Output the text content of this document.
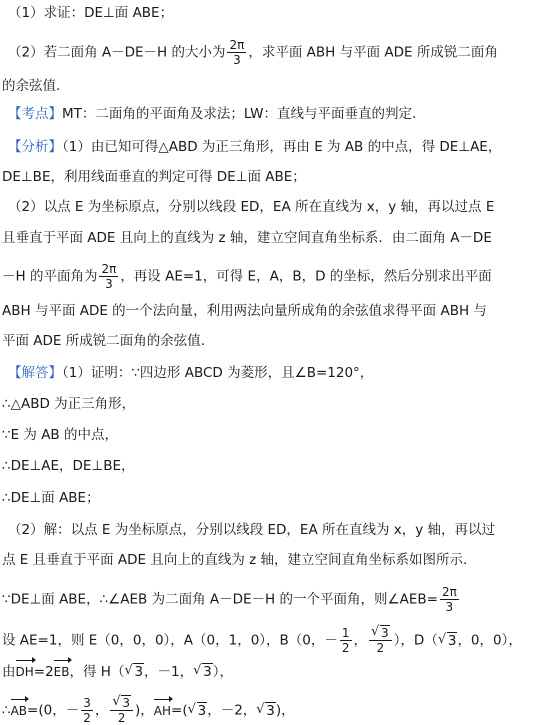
（1）求证：DE⊥面 ABE；
（2）若二面角 A－DE－H 的大小为 $\frac{2\pi}{3}$ ，求平面 ABH 与平面 ADE 所成锐二面角
的余弦值.
【考点】MT：二面角的平面角及求法；LW：直线与平面垂直的判定.
【分析】（1）由已知可得△ABD 为正三角形，再由 E 为 AB 的中点，得 DE⊥AE，
DE⊥BE，利用线面垂直的判定可得 DE⊥面 ABE；
（2）以点 E 为坐标原点，分别以线段 ED，EA 所在直线为 x，y 轴，再以过点 E
且垂直于平面 ADE 且向上的直线为 z 轴，建立空间直角坐标系．由二面角 A－DE
－H 的平面角为 $\frac{2\pi}{3}$ ，再设 AE=1，可得 E，A，B，D 的坐标，然后分别求出平面
ABH 与平面 ADE 的一个法向量，利用两法向量所成角的余弦值求得平面 ABH 与
平面 ADE 所成锐二面角的余弦值.
【解答】（1）证明：∵四边形 ABCD 为菱形，且∠B=120°，
∴△ABD 为正三角形，
∵E 为 AB 的中点，
∴DE⊥AE，DE⊥BE，
∴DE⊥面 ABE；
（2）解：以点 E 为坐标原点，分别以线段 ED，EA 所在直线为 x，y 轴，再以过
点 E 且垂直于平面 ADE 且向上的直线为 z 轴，建立空间直角坐标系如图所示.
∵DE⊥面 ABE，∴∠AEB 为二面角 A－DE－H 的一个平面角，则∠AEB= $\frac{2\pi}{3}$
设 AE=1，则 E（0，0，0），A（0，1，0），B（0，－ $\frac{1}{2}$ ， √ $\frac{3}{2}$ ），D（ √ 3，0，0），
由DH=2EB，得 H（ √ 3，－1， √ 3），
∴AB=(0，－ $\frac{3}{2}$ ， √ $\frac{3}{2}$ )，AH=( √ 3，－2， √ 3)，
